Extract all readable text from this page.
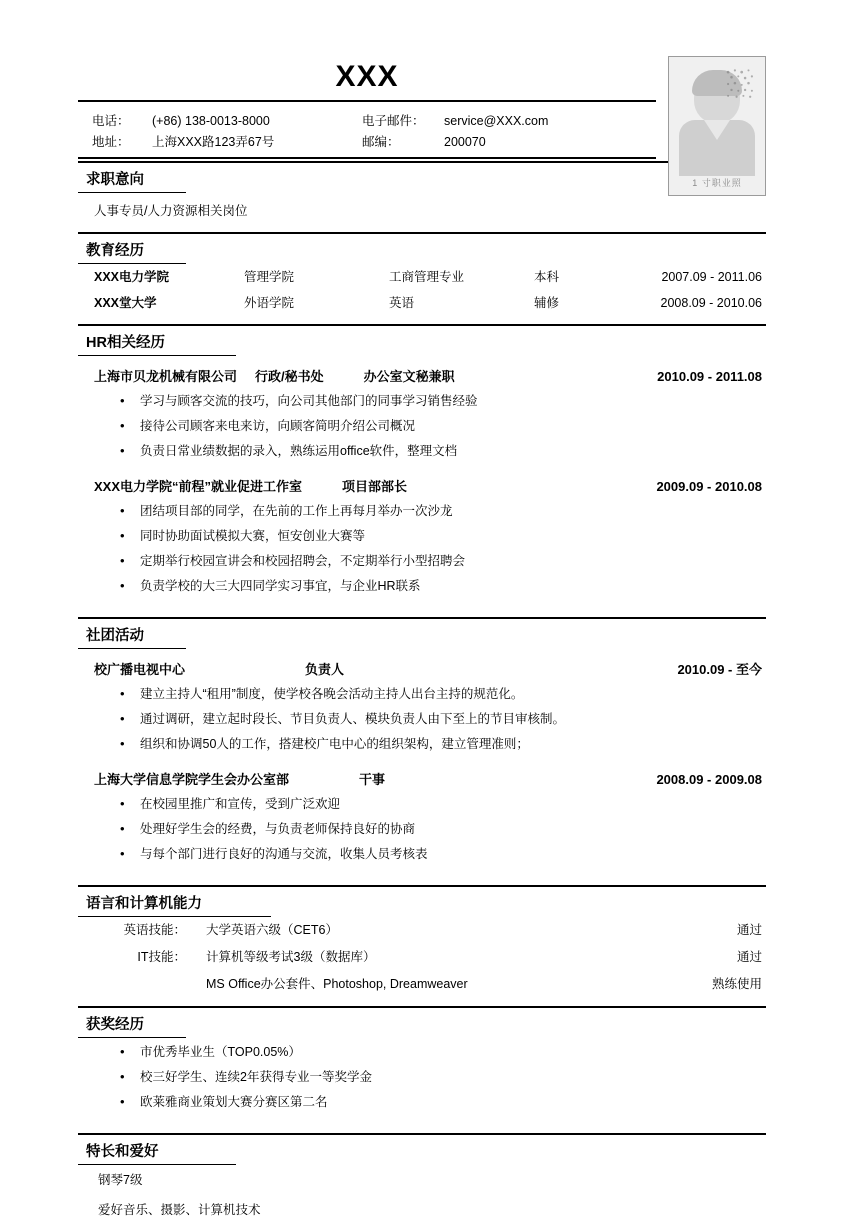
XXX
电话：	(+86) 138-0013-8000	电子邮件：	service@XXX.com
地址：	上海XXX路123弄67号	邮编：	200070
1 寸职业照
求职意向
人事专员/人力资源相关岗位
教育经历
XXX电力学院	管理学院	工商管理专业	本科	2007.09 - 2011.06
XXX堂大学	外语学院	英语	辅修	2008.09 - 2010.06
HR相关经历
上海市贝龙机械有限公司 行政/秘书处	办公室文秘兼职	2010.09 - 2011.08
• 学习与顾客交流的技巧，向公司其他部门的同事学习销售经验
• 接待公司顾客来电来访，向顾客简明介绍公司概况
• 负责日常业绩数据的录入，熟练运用office软件，整理文档
XXX电力学院“前程”就业促进工作室	项目部部长	2009.09 - 2010.08
• 团结项目部的同学，在先前的工作上再每月举办一次沙龙
• 同时协助面试模拟大赛，恒安创业大赛等
• 定期举行校园宣讲会和校园招聘会，不定期举行小型招聘会
• 负责学校的大三大四同学实习事宜，与企业HR联系
社团活动
校广播电视中心	负责人	2010.09 - 至今
• 建立主持人“租用”制度，使学校各晚会活动主持人出台主持的规范化。
• 通过调研，建立起时段长、节目负责人、模块负责人由下至上的节目审核制。
• 组织和协调50人的工作，搭建校广电中心的组织架构，建立管理准则；
上海大学信息学院学生会办公室部	干事	2008.09 - 2009.08
• 在校园里推广和宣传，受到广泛欢迎
• 处理好学生会的经费，与负责老师保持良好的协商
• 与每个部门进行良好的沟通与交流，收集人员考核表
语言和计算机能力
英语技能：	大学英语六级（CET6）	通过
IT技能：	计算机等级考试3级（数据库）	通过
MS Office办公套件、Photoshop, Dreamweaver	熟练使用
获奖经历
• 市优秀毕业生（TOP0.05%）
• 校三好学生、连续2年获得专业一等奖学金
• 欧莱雅商业策划大赛分赛区第二名
特长和爱好
钢琴7级
爱好音乐、摄影、计算机技术
